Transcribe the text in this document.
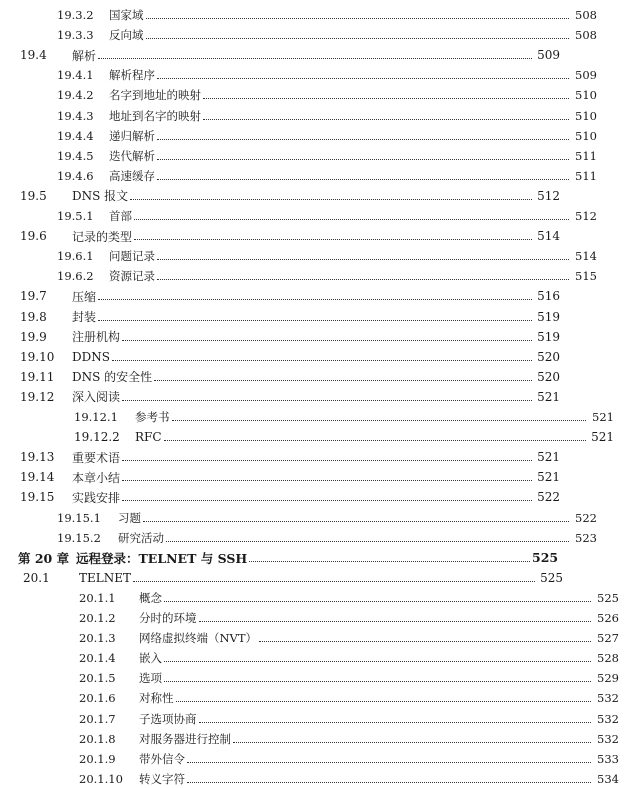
19.3.2	国家域	508
19.3.3	反向域	508
19.4	解析	509
19.4.1	解析程序	509
19.4.2	名字到地址的映射	510
19.4.3	地址到名字的映射	510
19.4.4	递归解析	510
19.4.5	迭代解析	511
19.4.6	高速缓存	511
19.5	DNS 报文	512
19.5.1	首部	512
19.6	记录的类型	514
19.6.1	问题记录	514
19.6.2	资源记录	515
19.7	压缩	516
19.8	封装	519
19.9	注册机构	519
19.10	DDNS	520
19.11	DNS 的安全性	520
19.12	深入阅读	521
19.12.1	参考书	521
19.12.2	RFC	521
19.13	重要术语	521
19.14	本章小结	521
19.15	实践安排	522
19.15.1	习题	522
19.15.2	研究活动	523
第 20 章 远程登录：TELNET 与 SSH	525
20.1	TELNET	525
20.1.1	概念	525
20.1.2	分时的环境	526
20.1.3	网络虚拟终端（NVT）	527
20.1.4	嵌入	528
20.1.5	选项	529
20.1.6	对称性	532
20.1.7	子选项协商	532
20.1.8	对服务器进行控制	532
20.1.9	带外信令	533
20.1.10	转义字符	534
